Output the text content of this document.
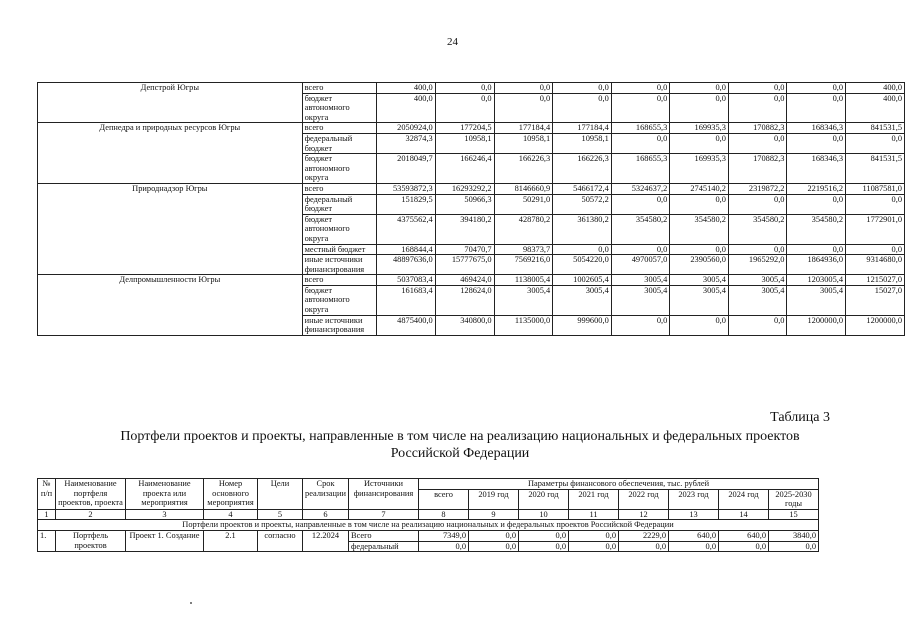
24
Депстрой Югры	всего	400,0	0,0	0,0	0,0	0,0	0,0	0,0	0,0	400,0
	бюджет автономного округа	400,0	0,0	0,0	0,0	0,0	0,0	0,0	0,0	400,0
Депнедра и природных ресурсов Югры	всего	2050924,0	177204,5	177184,4	177184,4	168655,3	169935,3	170882,3	168346,3	841531,5
	федеральный бюджет	32874,3	10958,1	10958,1	10958,1	0,0	0,0	0,0	0,0	0,0
	бюджет автономного округа	2018049,7	166246,4	166226,3	166226,3	168655,3	169935,3	170882,3	168346,3	841531,5
Природнадзор Югры	всего	53593872,3	16293292,2	8146660,9	5466172,4	5324637,2	2745140,2	2319872,2	2219516,2	11087581,0
	федеральный бюджет	151829,5	50966,3	50291,0	50572,2	0,0	0,0	0,0	0,0	0,0
	бюджет автономного округа	4375562,4	394180,2	428780,2	361380,2	354580,2	354580,2	354580,2	354580,2	1772901,0
	местный бюджет	168844,4	70470,7	98373,7	0,0	0,0	0,0	0,0	0,0	0,0
	иные источники финансирования	48897636,0	15777675,0	7569216,0	5054220,0	4970057,0	2390560,0	1965292,0	1864936,0	9314680,0
Делпромышленности Югры	всего	5037083,4	469424,0	1138005,4	1002605,4	3005,4	3005,4	3005,4	1203005,4	1215027,0
	бюджет автономного округа	161683,4	128624,0	3005,4	3005,4	3005,4	3005,4	3005,4	3005,4	15027,0
	иные источники финансирования	4875400,0	340800,0	1135000,0	999600,0	0,0	0,0	0,0	1200000,0	1200000,0
Таблица 3
Портфели проектов и проекты, направленные в том числе на реализацию национальных и федеральных проектов Российской Федерации
№ п/п	Наименование портфеля проектов, проекта	Наименование проекта или мероприятия	Номер основного мероприятия	Цели	Срок реализации	Источники финансирования	Параметры финансового обеспечения, тыс. рублей							
							всего	2019 год	2020 год	2021 год	2022 год	2023 год	2024 год	2025-2030 годы
1	2	3	4	5	6	7	8	9	10	11	12	13	14	15
Портфели проектов и проекты, направленные в том числе на реализацию национальных и федеральных проектов Российской Федерации														
1.	Портфель проектов	Проект 1. Создание	2.1	согласно	12.2024	Всего	7349,0	0,0	0,0	0,0	2229,0	640,0	640,0	3840,0
						федеральный	0,0	0,0	0,0	0,0	0,0	0,0	0,0	0,0
